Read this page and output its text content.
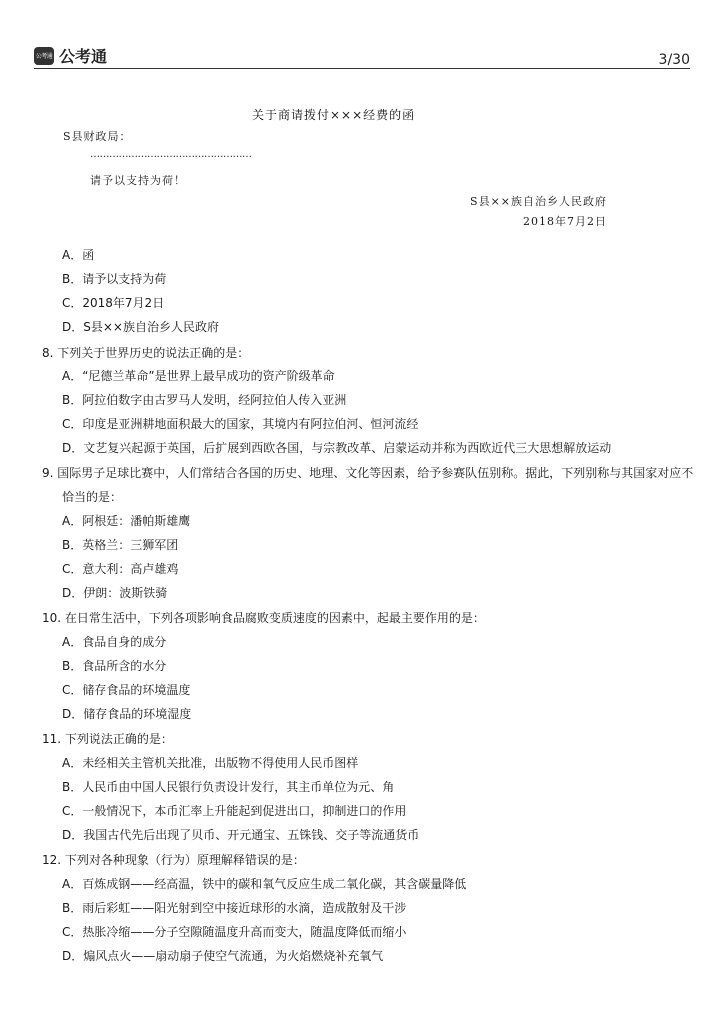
公考通 公考通	3/30
关于商请拨付×××经费的函
S县财政局：
……………………………………………
请予以支持为荷！
S县××族自治乡人民政府
2018年7月2日
A．函
B．请予以支持为荷
C．2018年7月2日
D．S县××族自治乡人民政府
8. 下列关于世界历史的说法正确的是：
A．“尼德兰革命”是世界上最早成功的资产阶级革命
B．阿拉伯数字由古罗马人发明，经阿拉伯人传入亚洲
C．印度是亚洲耕地面积最大的国家，其境内有阿拉伯河、恒河流经
D．文艺复兴起源于英国，后扩展到西欧各国，与宗教改革、启蒙运动并称为西欧近代三大思想解放运动
9. 国际男子足球比赛中，人们常结合各国的历史、地理、文化等因素，给予参赛队伍别称。据此，下列别称与其国家对应不
恰当的是：
A．阿根廷：潘帕斯雄鹰
B．英格兰：三狮军团
C．意大利：高卢雄鸡
D．伊朗：波斯铁骑
10. 在日常生活中，下列各项影响食品腐败变质速度的因素中，起最主要作用的是：
A．食品自身的成分
B．食品所含的水分
C．储存食品的环境温度
D．储存食品的环境湿度
11. 下列说法正确的是：
A．未经相关主管机关批准，出版物不得使用人民币图样
B．人民币由中国人民银行负责设计发行，其主币单位为元、角
C．一般情况下，本币汇率上升能起到促进出口，抑制进口的作用
D．我国古代先后出现了贝币、开元通宝、五铢钱、交子等流通货币
12. 下列对各种现象（行为）原理解释错误的是：
A．百炼成钢——经高温，铁中的碳和氧气反应生成二氧化碳，其含碳量降低
B．雨后彩虹——阳光射到空中接近球形的水滴，造成散射及干涉
C．热胀冷缩——分子空隙随温度升高而变大，随温度降低而缩小
D．煽风点火——扇动扇子使空气流通，为火焰燃烧补充氧气
